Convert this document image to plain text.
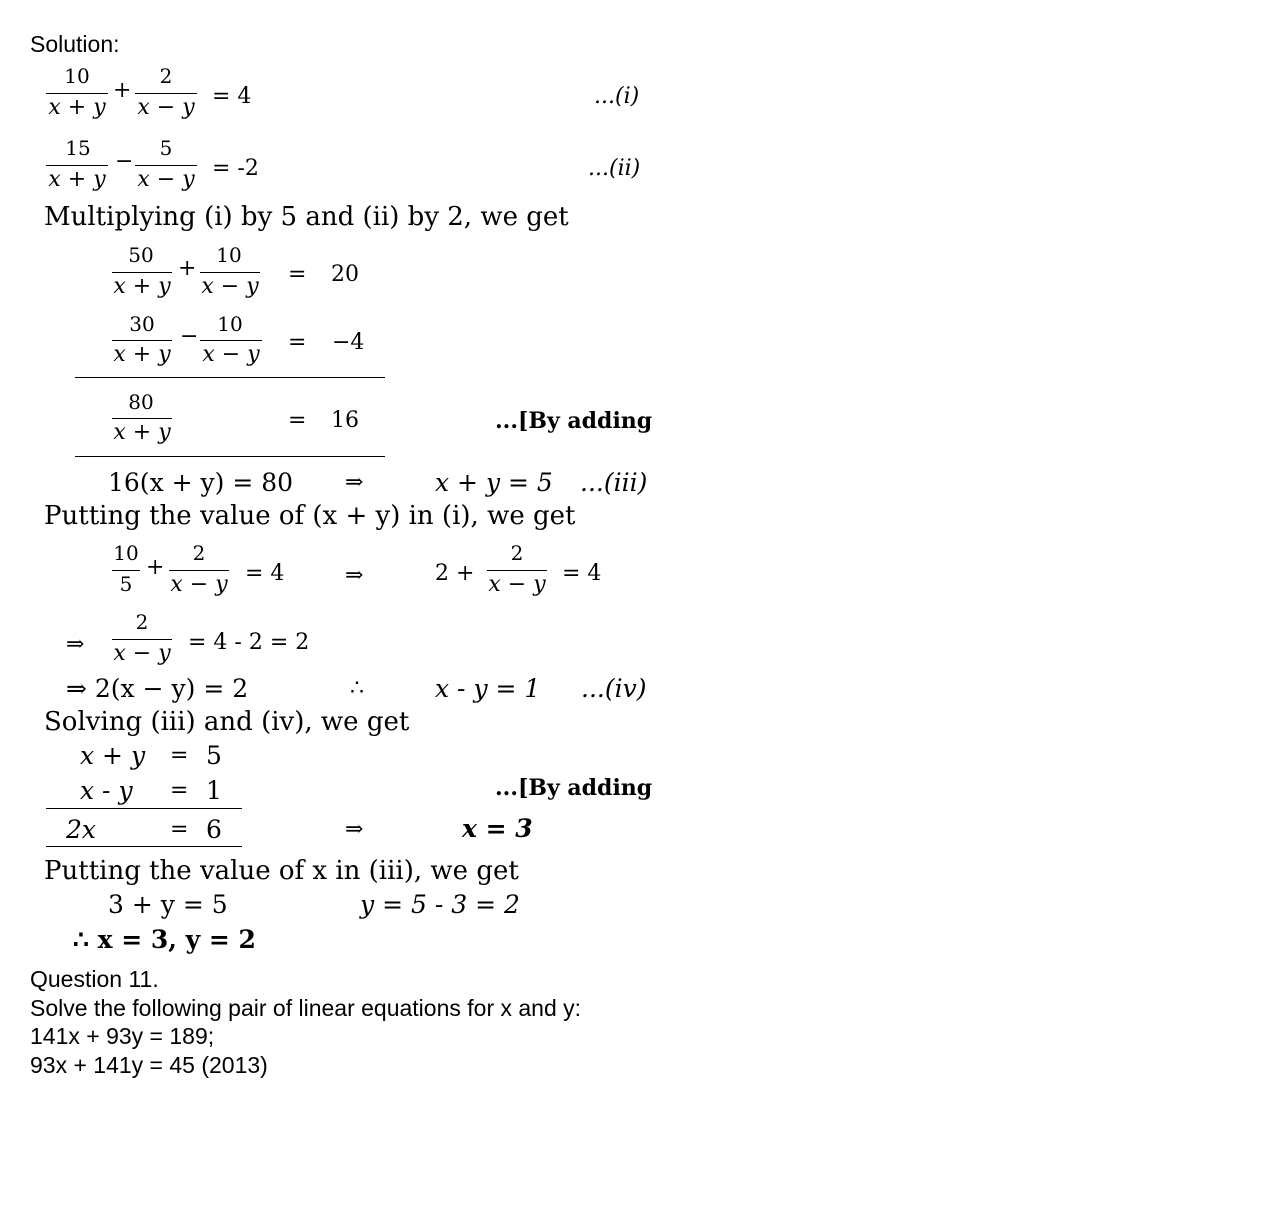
Solution:
10
x + y
+
2
x − y = 4	...(i)
15
x + y
−
5
x − y = -2	...(ii)
Multiplying (i) by 5 and (ii) by 2, we get
50
x + y
+
10
x − y = 20
30
x + y
− 10
x − y = −4
80
x + y	= 16	...[By adding
16(x + y) = 80 ⇒	x + y = 5 ...(iii)
Putting the value of (x + y) in (i), we get
10
5
+
2
x − y = 4	⇒	2 +
2
x − y = 4
⇒
2
x − y = 4 - 2 = 2
⇒ 2(x − y) = 2	∴	x - y = 1 ...(iv)
Solving (iii) and (iv), we get
x + y = 5
x - y = 1	...[By adding
2x	= 6	⇒	x = 3
Putting the value of x in (iii), we get
3 + y = 5	y = 5 - 3 = 2
∴ x = 3, y = 2
Question 11.
Solve the following pair of linear equations for x and y:
141x + 93y = 189;
93x + 141y = 45 (2013)
